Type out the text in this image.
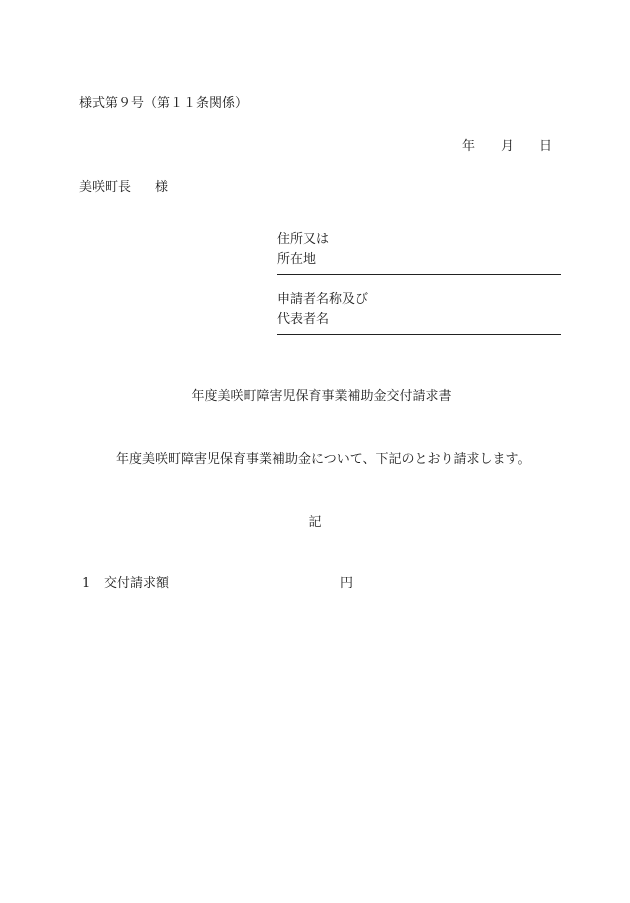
様式第９号（第１１条関係）
年 月 日
美咲町長 様
住所又は
所在地
申請者名称及び
代表者名
年度美咲町障害児保育事業補助金交付請求書
年度美咲町障害児保育事業補助金について、下記のとおり請求します。
記
1 交付請求額	円
